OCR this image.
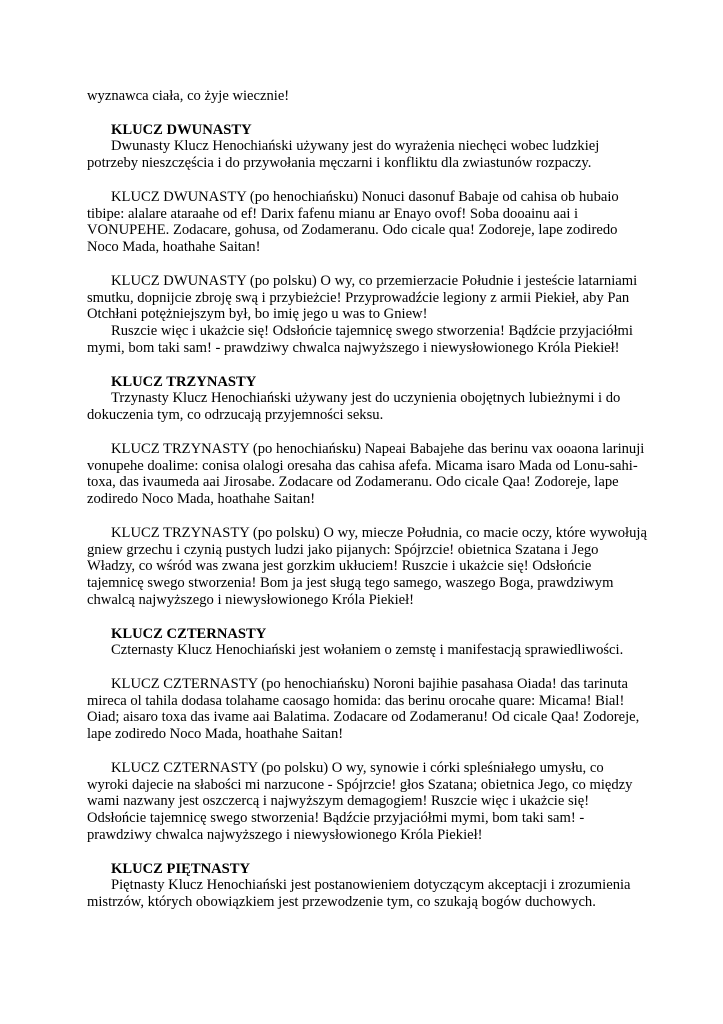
wyznawca ciała, co żyje wiecznie!

KLUCZ DWUNASTY

Dwunasty Klucz Henochiański używany jest do wyrażenia niechęci wobec ludzkiej potrzeby nieszczęścia i do przywołania męczarni i konfliktu dla zwiastunów rozpaczy.

KLUCZ DWUNASTY (po henochiańsku) Nonuci dasonuf Babaje od cahisa ob hubaio tibipe: alalare ataraahe od ef! Darix fafenu mianu ar Enayo ovof! Soba dooainu aai i VONUPEHE. Zodacare, gohusa, od Zodameranu. Odo cicale qua! Zodoreje, lape zodiredo Noco Mada, hoathahe Saitan!

KLUCZ DWUNASTY (po polsku) O wy, co przemierzacie Południe i jesteście latarniami smutku, dopnijcie zbroję swą i przybieżcie! Przyprowadźcie legiony z armii Piekieł, aby Pan Otchłani potężniejszym był, bo imię jego u was to Gniew!

Ruszcie więc i ukażcie się! Odsłońcie tajemnicę swego stworzenia! Bądźcie przyjaciółmi mymi, bom taki sam! - prawdziwy chwalca najwyższego i niewysłowionego Króla Piekieł!

KLUCZ TRZYNASTY

Trzynasty Klucz Henochiański używany jest do uczynienia obojętnych lubieżnymi i do dokuczenia tym, co odrzucają przyjemności seksu.

KLUCZ TRZYNASTY (po henochiańsku) Napeai Babajehe das berinu vax ooaona larinuji vonupehe doalime: conisa olalogi oresaha das cahisa afefa. Micama isaro Mada od Lonu-sahi-toxa, das ivaumeda aai Jirosabe. Zodacare od Zodameranu. Odo cicale Qaa! Zodoreje, lape zodiredo Noco Mada, hoathahe Saitan!

KLUCZ TRZYNASTY (po polsku) O wy, miecze Południa, co macie oczy, które wywołują gniew grzechu i czynią pustych ludzi jako pijanych: Spójrzcie! obietnica Szatana i Jego Władzy, co wśród was zwana jest gorzkim ukłuciem! Ruszcie i ukażcie się! Odsłońcie tajemnicę swego stworzenia! Bom ja jest sługą tego samego, waszego Boga, prawdziwym chwalcą najwyższego i niewysłowionego Króla Piekieł!

KLUCZ CZTERNASTY

Czternasty Klucz Henochiański jest wołaniem o zemstę i manifestacją sprawiedliwości.

KLUCZ CZTERNASTY (po henochiańsku) Noroni bajihie pasahasa Oiada! das tarinuta mireca ol tahila dodasa tolahame caosago homida: das berinu orocahe quare: Micama! Bial! Oiad; aisaro toxa das ivame aai Balatima. Zodacare od Zodameranu! Od cicale Qaa! Zodoreje, lape zodiredo Noco Mada, hoathahe Saitan!

KLUCZ CZTERNASTY (po polsku) O wy, synowie i córki spleśniałego umysłu, co wyroki dajecie na słabości mi narzucone - Spójrzcie! głos Szatana; obietnica Jego, co między wami nazwany jest oszczercą i najwyższym demagogiem! Ruszcie więc i ukażcie się! Odsłońcie tajemnicę swego stworzenia! Bądźcie przyjaciółmi mymi, bom taki sam! - prawdziwy chwalca najwyższego i niewysłowionego Króla Piekieł!

KLUCZ PIĘTNASTY

Piętnasty Klucz Henochiański jest postanowieniem dotyczącym akceptacji i zrozumienia mistrzów, których obowiązkiem jest przewodzenie tym, co szukają bogów duchowych.
